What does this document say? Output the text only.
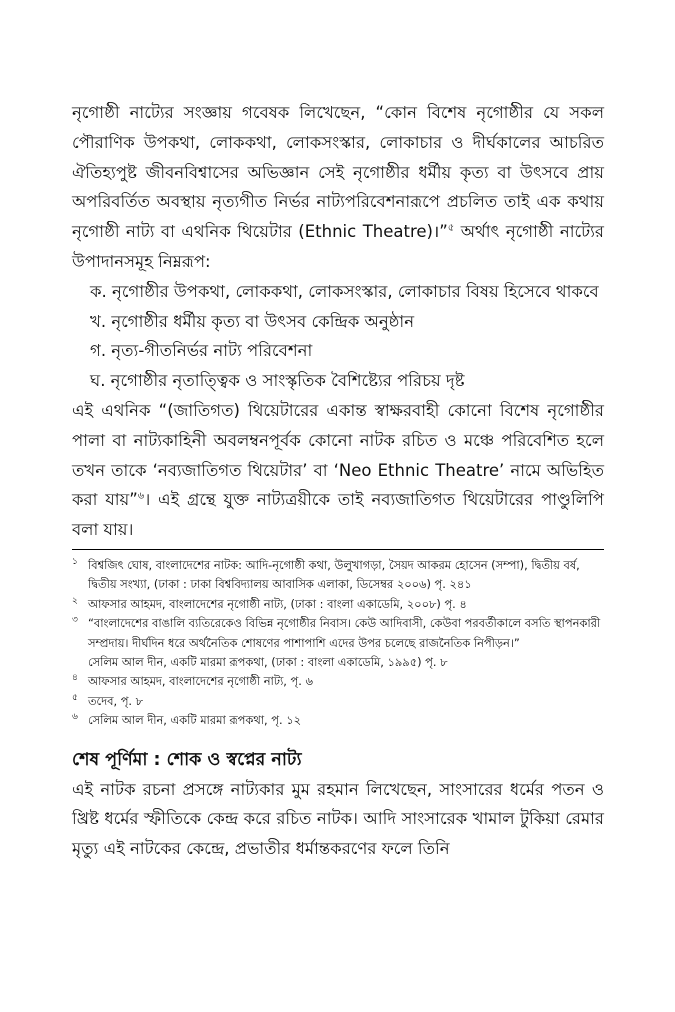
নৃগোষ্ঠী নাট্যের সংজ্ঞায় গবেষক লিখেছেন, “কোন বিশেষ নৃগোষ্ঠীর যে সকল পৌরাণিক উপকথা, লোককথা, লোকসংস্কার, লোকাচার ও দীর্ঘকালের আচরিত ঐতিহ্যপুষ্ট জীবনবিশ্বাসের অভিজ্ঞান সেই নৃগোষ্ঠীর ধর্মীয় কৃত্য বা উৎসবে প্রায় অপরিবর্তিত অবস্থায় নৃত্যগীত নির্ভর নাট্যপরিবেশনারূপে প্রচলিত তাই এক কথায় নৃগোষ্ঠী নাট্য বা এথনিক থিয়েটার (Ethnic Theatre)।”$^৫$ অর্থাৎ নৃগোষ্ঠী নাট্যের উপাদানসমূহ নিম্নরূপ:

ক. নৃগোষ্ঠীর উপকথা, লোককথা, লোকসংস্কার, লোকাচার বিষয় হিসেবে থাকবে
খ. নৃগোষ্ঠীর ধর্মীয় কৃত্য বা উৎসব কেন্দ্রিক অনুষ্ঠান
গ. নৃত্য-গীতনির্ভর নাট্য পরিবেশনা
ঘ. নৃগোষ্ঠীর নৃতাত্ত্বিক ও সাংস্কৃতিক বৈশিষ্ট্যের পরিচয় দৃষ্ট

এই এথনিক “(জাতিগত) থিয়েটারের একান্ত স্বাক্ষরবাহী কোনো বিশেষ নৃগোষ্ঠীর পালা বা নাট্যকাহিনী অবলম্বনপূর্বক কোনো নাটক রচিত ও মঞ্চে পরিবেশিত হলে তখন তাকে ‘নব্যজাতিগত থিয়েটার’ বা ‘Neo Ethnic Theatre’ নামে অভিহিত করা যায়”$^৬$। এই গ্রন্থে যুক্ত নাট্যত্রয়ীকে তাই নব্যজাতিগত থিয়েটারের পাণ্ডুলিপি বলা যায়।

১ বিশ্বজিৎ ঘোষ, বাংলাদেশের নাটক: আদি-নৃগোষ্ঠী কথা, উলুখাগড়া, সৈয়দ আকরম হোসেন (সম্পা), দ্বিতীয় বর্ষ, দ্বিতীয় সংখ্যা, (ঢাকা : ঢাকা বিশ্ববিদ্যালয় আবাসিক এলাকা, ডিসেম্বর ২০০৬) পৃ. ২৪১

২ আফসার আহমদ, বাংলাদেশের নৃগোষ্ঠী নাট্য, (ঢাকা : বাংলা একাডেমি, ২০০৮) পৃ. ৪

৩ “বাংলাদেশের বাঙালি ব্যতিরেকেও বিভিন্ন নৃগোষ্ঠীর নিবাস। কেউ আদিবাসী, কেউবা পরবর্তীকালে বসতি স্থাপনকারী সম্প্রদায়। দীর্ঘদিন ধরে অর্থনৈতিক শোষণের পাশাপাশি এদের উপর চলেছে রাজনৈতিক নিপীড়ন।”

সেলিম আল দীন, একটি মারমা রূপকথা, (ঢাকা : বাংলা একাডেমি, ১৯৯৫) পৃ. ৮

৪ আফসার আহমদ, বাংলাদেশের নৃগোষ্ঠী নাট্য, পৃ. ৬

৫ তদেব, পৃ. ৮

৬ সেলিম আল দীন, একটি মারমা রূপকথা, পৃ. ১২

শেষ পূর্ণিমা : শোক ও স্বপ্নের নাট্য

এই নাটক রচনা প্রসঙ্গে নাট্যকার মুম রহমান লিখেছেন, সাংসারের ধর্মের পতন ও খ্রিষ্ট ধর্মের স্ফীতিকে কেন্দ্র করে রচিত নাটক। আদি সাংসারেক খামাল টুকিয়া রেমার মৃত্যু এই নাটকের কেন্দ্রে, প্রভাতীর ধর্মান্তকরণের ফলে তিনি
